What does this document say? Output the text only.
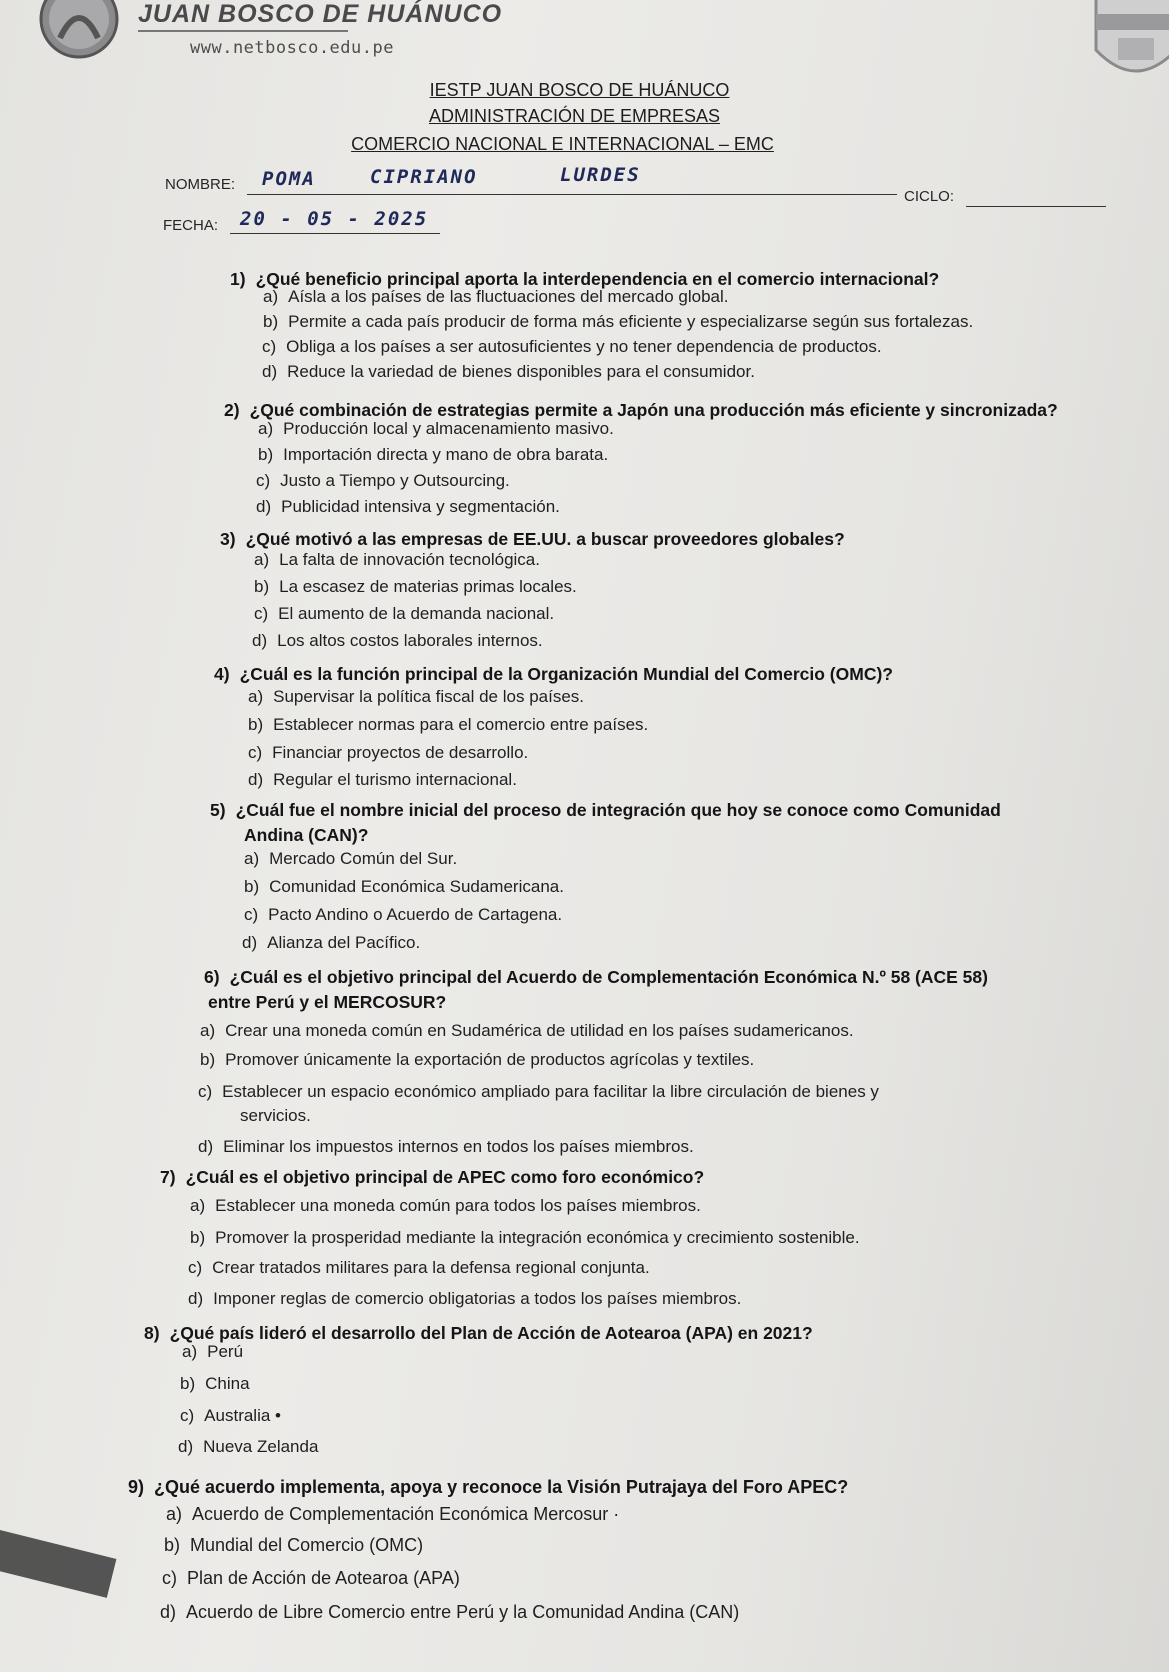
JUAN BOSCO DE HUÁNUCO
www.netbosco.edu.pe
IESTP JUAN BOSCO DE HUÁNUCO
ADMINISTRACIÓN DE EMPRESAS
COMERCIO NACIONAL E INTERNACIONAL – EMC
NOMBRE: POMA	CIPRIANO	LURDES
CICLO:
FECHA: 20 - 05 - 2025
1) ¿Qué beneficio principal aporta la interdependencia en el comercio internacional?
a) Aísla a los países de las fluctuaciones del mercado global.
b) Permite a cada país producir de forma más eficiente y especializarse según sus fortalezas.
c) Obliga a los países a ser autosuficientes y no tener dependencia de productos.
d) Reduce la variedad de bienes disponibles para el consumidor.
2) ¿Qué combinación de estrategias permite a Japón una producción más eficiente y sincronizada?
a) Producción local y almacenamiento masivo.
b) Importación directa y mano de obra barata.
c) Justo a Tiempo y Outsourcing.
d) Publicidad intensiva y segmentación.
3) ¿Qué motivó a las empresas de EE.UU. a buscar proveedores globales?
a) La falta de innovación tecnológica.
b) La escasez de materias primas locales.
c) El aumento de la demanda nacional.
d) Los altos costos laborales internos.
4) ¿Cuál es la función principal de la Organización Mundial del Comercio (OMC)?
a) Supervisar la política fiscal de los países.
b) Establecer normas para el comercio entre países.
c) Financiar proyectos de desarrollo.
d) Regular el turismo internacional.
5) ¿Cuál fue el nombre inicial del proceso de integración que hoy se conoce como Comunidad
Andina (CAN)?
a) Mercado Común del Sur.
b) Comunidad Económica Sudamericana.
c) Pacto Andino o Acuerdo de Cartagena.
d) Alianza del Pacífico.
6) ¿Cuál es el objetivo principal del Acuerdo de Complementación Económica N.º 58 (ACE 58)
entre Perú y el MERCOSUR?
a) Crear una moneda común en Sudamérica de utilidad en los países sudamericanos.
b) Promover únicamente la exportación de productos agrícolas y textiles.
c) Establecer un espacio económico ampliado para facilitar la libre circulación de bienes y
servicios.
d) Eliminar los impuestos internos en todos los países miembros.
7) ¿Cuál es el objetivo principal de APEC como foro económico?
a) Establecer una moneda común para todos los países miembros.
b) Promover la prosperidad mediante la integración económica y crecimiento sostenible.
c) Crear tratados militares para la defensa regional conjunta.
d) Imponer reglas de comercio obligatorias a todos los países miembros.
8) ¿Qué país lideró el desarrollo del Plan de Acción de Aotearoa (APA) en 2021?
a) Perú
b) China
c) Australia •
d) Nueva Zelanda
9) ¿Qué acuerdo implementa, apoya y reconoce la Visión Putrajaya del Foro APEC?
a) Acuerdo de Complementación Económica Mercosur ·
b) Mundial del Comercio (OMC)
c) Plan de Acción de Aotearoa (APA)
d) Acuerdo de Libre Comercio entre Perú y la Comunidad Andina (CAN)
